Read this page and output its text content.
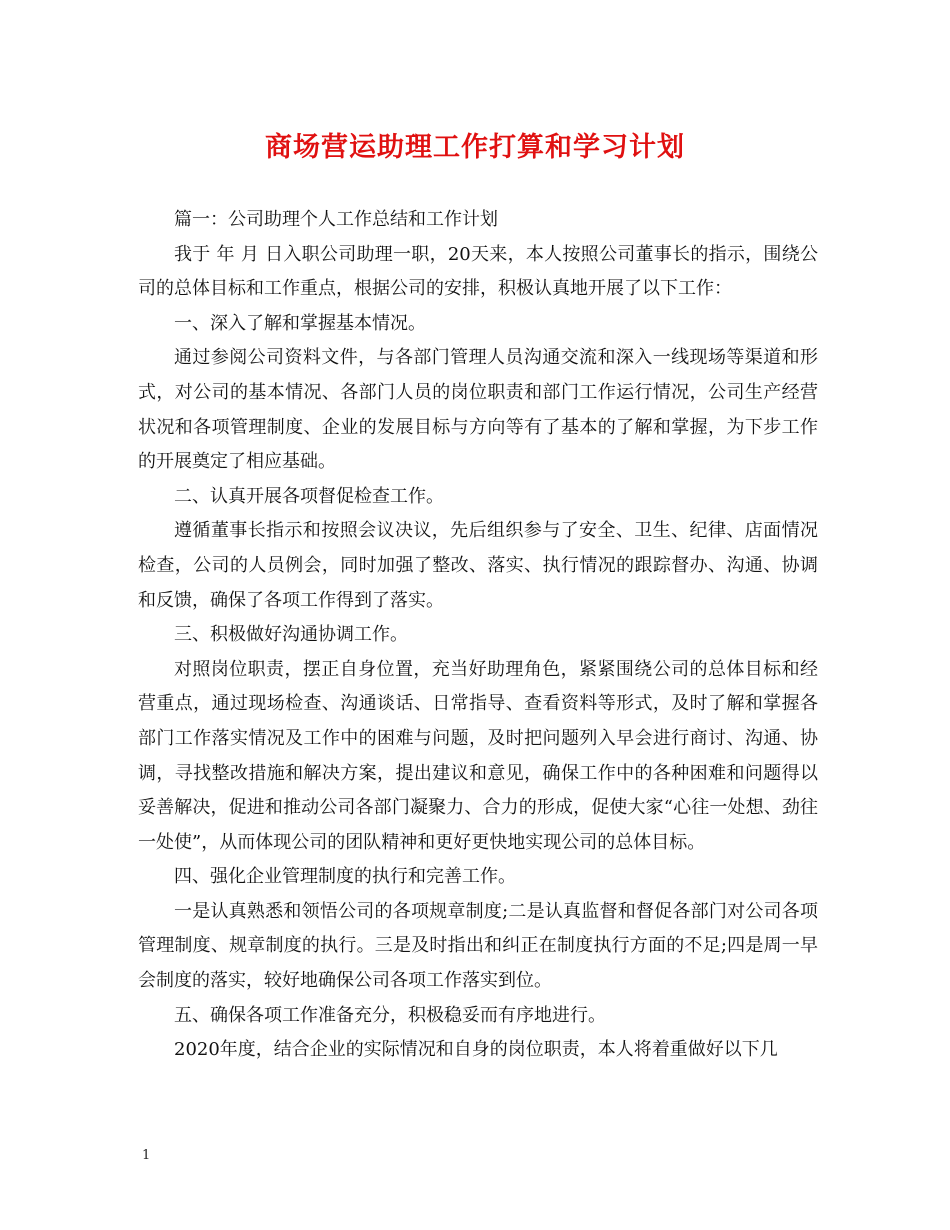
商场营运助理工作打算和学习计划

篇一：公司助理个人工作总结和工作计划

我于 年 月 日入职公司助理一职，20天来，本人按照公司董事长的指示，围绕公司的总体目标和工作重点，根据公司的安排，积极认真地开展了以下工作：

一、深入了解和掌握基本情况。

通过参阅公司资料文件，与各部门管理人员沟通交流和深入一线现场等渠道和形式，对公司的基本情况、各部门人员的岗位职责和部门工作运行情况，公司生产经营状况和各项管理制度、企业的发展目标与方向等有了基本的了解和掌握，为下步工作的开展奠定了相应基础。

二、认真开展各项督促检查工作。

遵循董事长指示和按照会议决议，先后组织参与了安全、卫生、纪律、店面情况检查，公司的人员例会，同时加强了整改、落实、执行情况的跟踪督办、沟通、协调和反馈，确保了各项工作得到了落实。

三、积极做好沟通协调工作。

对照岗位职责，摆正自身位置，充当好助理角色，紧紧围绕公司的总体目标和经营重点，通过现场检查、沟通谈话、日常指导、查看资料等形式，及时了解和掌握各部门工作落实情况及工作中的困难与问题，及时把问题列入早会进行商讨、沟通、协调，寻找整改措施和解决方案，提出建议和意见，确保工作中的各种困难和问题得以妥善解决，促进和推动公司各部门凝聚力、合力的形成，促使大家“心往一处想、劲往一处使”，从而体现公司的团队精神和更好更快地实现公司的总体目标。

四、强化企业管理制度的执行和完善工作。

一是认真熟悉和领悟公司的各项规章制度;二是认真监督和督促各部门对公司各项管理制度、规章制度的执行。三是及时指出和纠正在制度执行方面的不足;四是周一早会制度的落实，较好地确保公司各项工作落实到位。

五、确保各项工作准备充分，积极稳妥而有序地进行。

2020年度，结合企业的实际情况和自身的岗位职责，本人将着重做好以下几

1
